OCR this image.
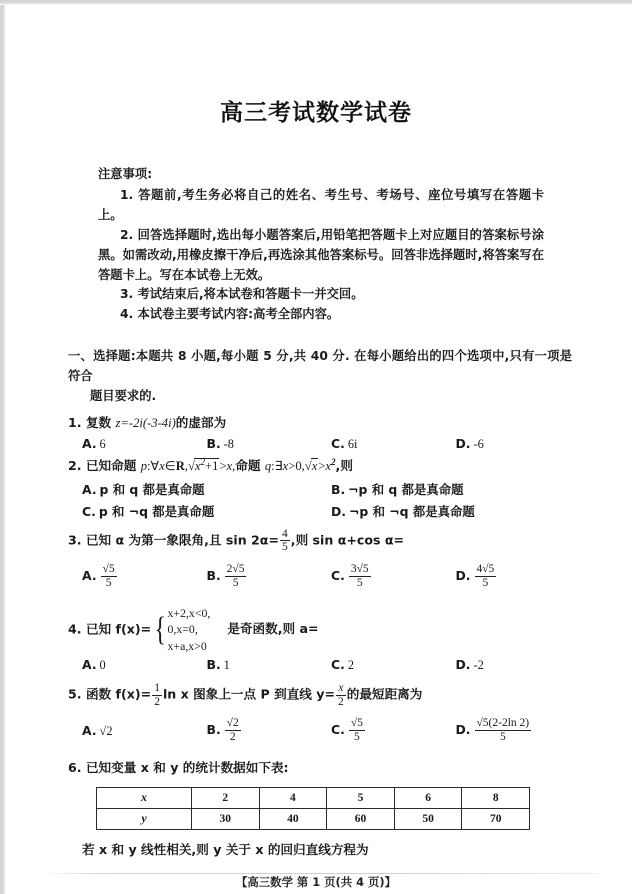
高三考试数学试卷
注意事项:
1. 答题前,考生务必将自己的姓名、考生号、考场号、座位号填写在答题卡上。
2. 回答选择题时,选出每小题答案后,用铅笔把答题卡上对应题目的答案标号涂黑。如需改动,用橡皮擦干净后,再选涂其他答案标号。回答非选择题时,将答案写在答题卡上。写在本试卷上无效。
3. 考试结束后,将本试卷和答题卡一并交回。
4. 本试卷主要考试内容:高考全部内容。
一、选择题:本题共 8 小题,每小题 5 分,共 40 分. 在每小题给出的四个选项中,只有一项是符合
题目要求的.
1. 复数 z=-2i(-3-4i)的虚部为
A. 6	B. -8	C. 6i	D. -6
2. 已知命题 $p:\forall x\in R,√x^2+1>x$,命题 $q:\exists x>0,√x>x^2$,则
A. p 和 q 都是真命题	B. ¬p 和 q 都是真命题
C. p 和 ¬q 都是真命题	D. ¬p 和 ¬q 都是真命题
3. 已知 α 为第一象限角,且 $\sin 2\alpha= \frac{4}{5}$ ,则 sin α+cos α=
A. $\frac{√5}{5}$	B. $\frac{2√5}{5}$	C. $\frac{3√5}{5}$	D. $\frac{4√5}{5}$
4. 已知 f(x)= { x+2,x<0,
0,x=0,
x+a,x>0
是奇函数,则 a=
A. 0	B. 1	C. 2	D. -2
5. 函数 $f(x)= \frac{1}{2}$ ln x 图象上一点 P 到直线 $y= \frac{x}{2}$ 的最短距离为
A. √2	B. $\frac{√2}{2}$	C. $\frac{√5}{5}$	D. $\frac{√5(2-2\ln 2)}{5}$
6. 已知变量 x 和 y 的统计数据如下表:
x	2	4	5	6	8
y	30	40	60	50	70
若 x 和 y 线性相关,则 y 关于 x 的回归直线方程为
【高三数学 第 1 页(共 4 页)】
